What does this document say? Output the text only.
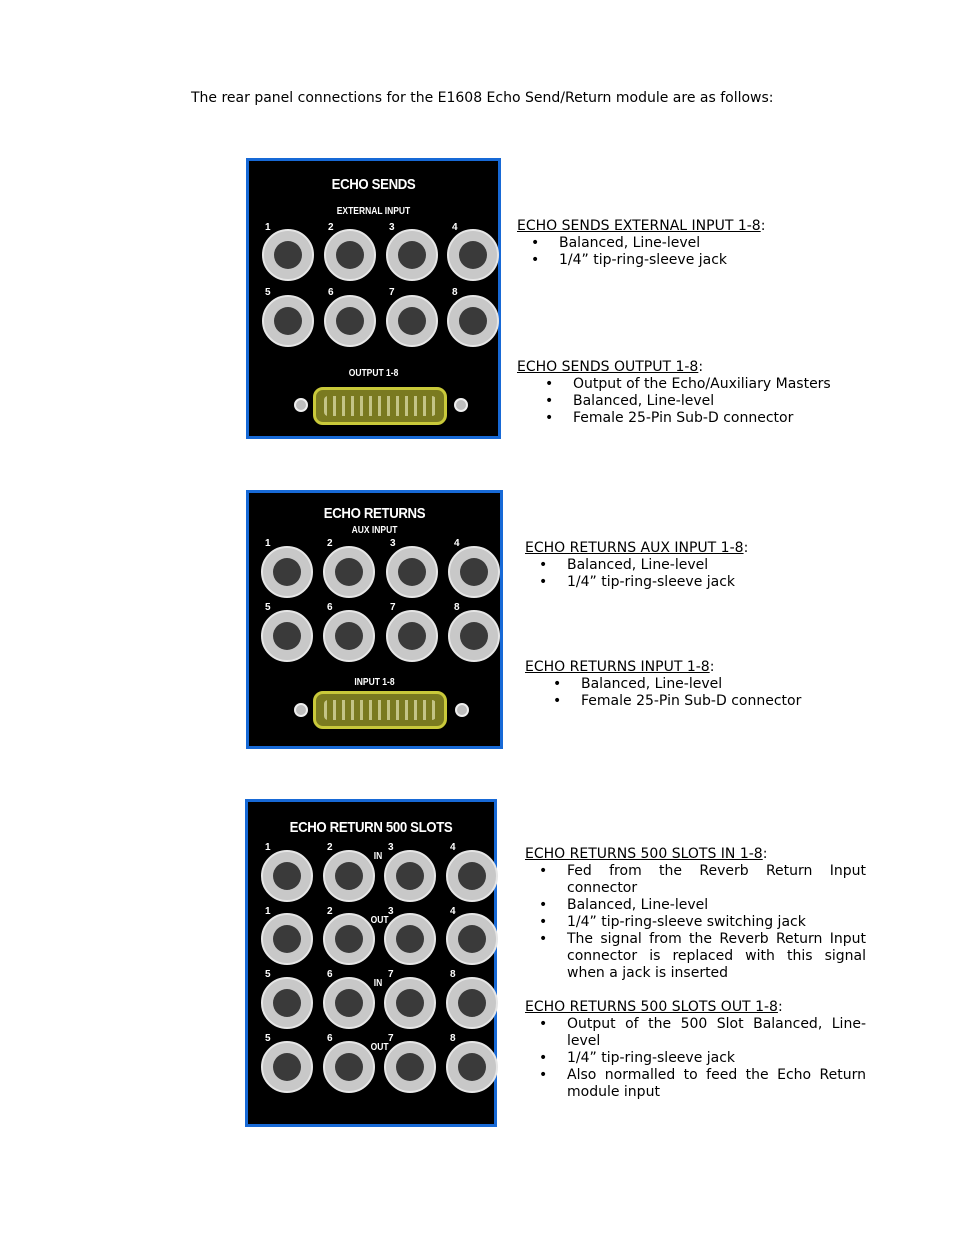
The rear panel connections for the E1608 Echo Send/Return module are as follows:
ECHO SENDS
EXTERNAL INPUT
1	2	3	4
5	6	7	8
OUTPUT 1-8
ECHO RETURNS
AUX INPUT
1	2	3	4
5	6	7	8
INPUT 1-8
ECHO RETURN 500 SLOTS
1	2
IN
3	4
1	2
OUT
3	4
5	6
IN
7	8
5	6
OUT
7	8
ECHO SENDS EXTERNAL INPUT 1-8:
• Balanced, Line-level
• 1/4” tip-ring-sleeve jack
ECHO SENDS OUTPUT 1-8:
• Output of the Echo/Auxiliary Masters
• Balanced, Line-level
• Female 25-Pin Sub-D connector
ECHO RETURNS AUX INPUT 1-8:
• Balanced, Line-level
• 1/4” tip-ring-sleeve jack
ECHO RETURNS INPUT 1-8:
• Balanced, Line-level
• Female 25-Pin Sub-D connector
ECHO RETURNS 500 SLOTS IN 1-8:
• Fed from the Reverb Return Input connector
• Balanced, Line-level
• 1/4” tip-ring-sleeve switching jack
• The signal from the Reverb Return Input connector is replaced with this signal when a jack is inserted
ECHO RETURNS 500 SLOTS OUT 1-8:
• Output of the 500 Slot Balanced, Line-level
• 1/4” tip-ring-sleeve jack
• Also normalled to feed the Echo Return module input
